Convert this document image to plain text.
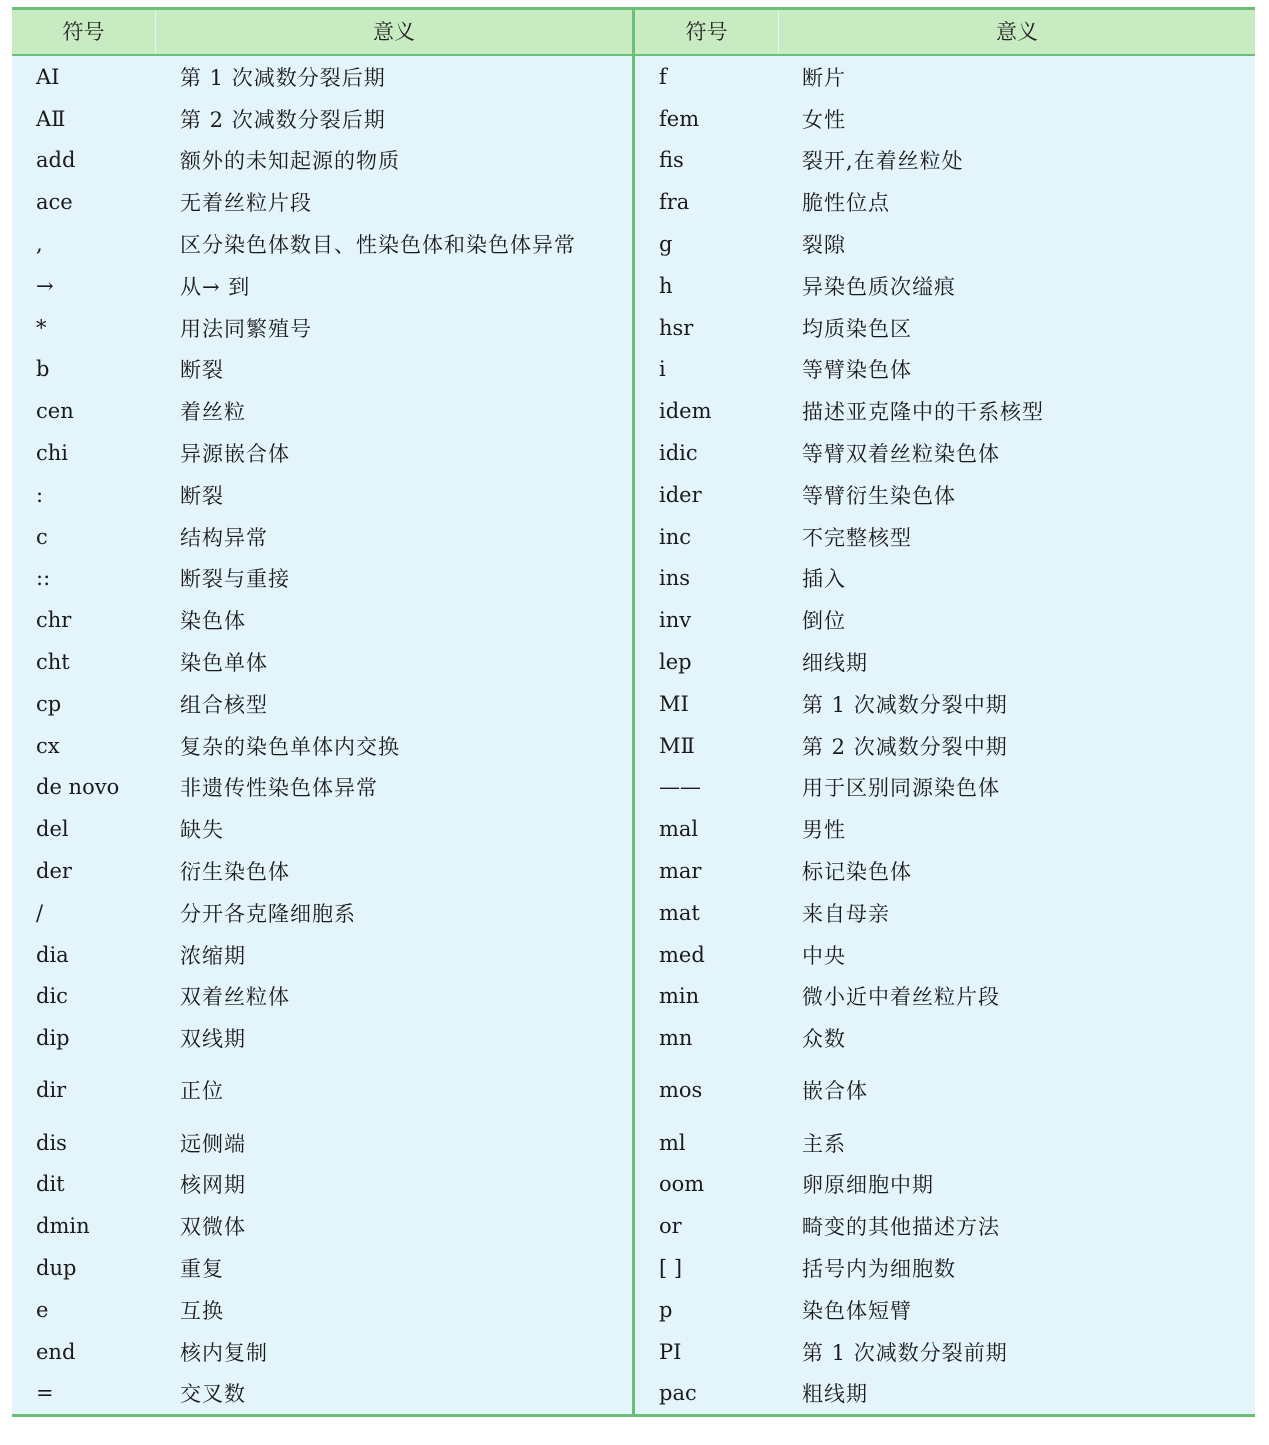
符号	意义
AⅠ	第 1 次减数分裂后期
AⅡ	第 2 次减数分裂后期
add	额外的未知起源的物质
ace	无着丝粒片段
,	区分染色体数目、性染色体和染色体异常
→	从→ 到
*	用法同繁殖号
b	断裂
cen	着丝粒
chi	异源嵌合体
:	断裂
c	结构异常
::	断裂与重接
chr	染色体
cht	染色单体
cp	组合核型
cx	复杂的染色单体内交换
de novo	非遗传性染色体异常
del	缺失
der	衍生染色体
/	分开各克隆细胞系
dia	浓缩期
dic	双着丝粒体
dip	双线期
dir	正位
dis	远侧端
dit	核网期
dmin	双微体
dup	重复
e	互换
end	核内复制
=	交叉数
符号	意义
f	断片
fem	女性
fis	裂开,在着丝粒处
fra	脆性位点
g	裂隙
h	异染色质次缢痕
hsr	均质染色区
i	等臂染色体
idem	描述亚克隆中的干系核型
idic	等臂双着丝粒染色体
ider	等臂衍生染色体
inc	不完整核型
ins	插入
inv	倒位
lep	细线期
MⅠ	第 1 次减数分裂中期
MⅡ	第 2 次减数分裂中期
——	用于区别同源染色体
mal	男性
mar	标记染色体
mat	来自母亲
med	中央
min	微小近中着丝粒片段
mn	众数
mos	嵌合体
ml	主系
oom	卵原细胞中期
or	畸变的其他描述方法
[ ]	括号内为细胞数
p	染色体短臂
PⅠ	第 1 次减数分裂前期
pac	粗线期
